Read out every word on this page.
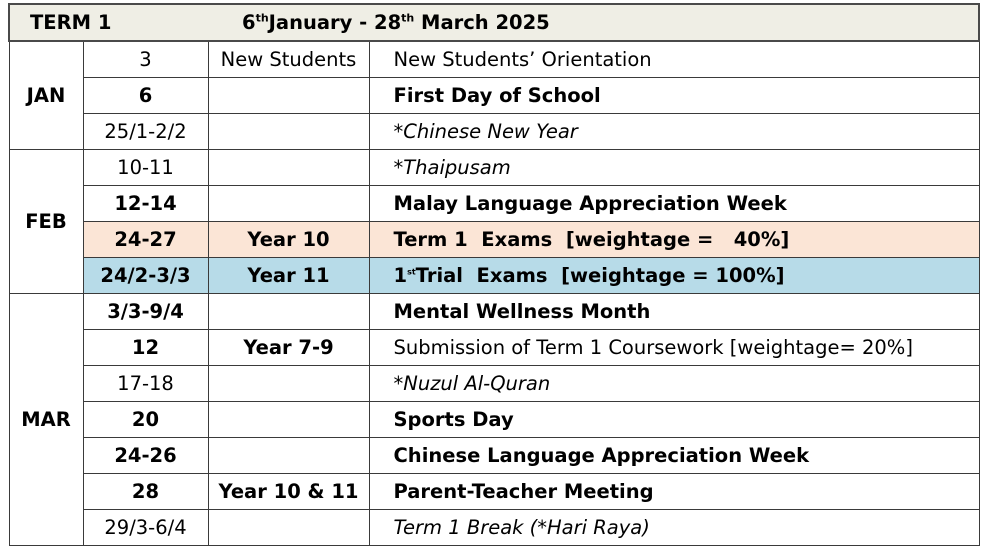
TERM 1 6thJanuary - 28th March 2025			

JAN	3	New Students	New Students’ Orientation
	6		First Day of School
	25/1-2/2		*Chinese New Year
FEB	10-11		*Thaipusam
	12-14		Malay Language Appreciation Week
	24-27	Year 10	Term 1  Exams  [weightage =   40%]
	24/2-3/3	Year 11	1stTrial  Exams  [weightage = 100%]
MAR	3/3-9/4		Mental Wellness Month
	12	Year 7-9	Submission of Term 1 Coursework [weightage= 20%]
	17-18		*Nuzul Al-Quran
	20		Sports Day
	24-26		Chinese Language Appreciation Week
	28	Year 10 & 11	Parent-Teacher Meeting
	29/3-6/4		Term 1 Break (*Hari Raya)
